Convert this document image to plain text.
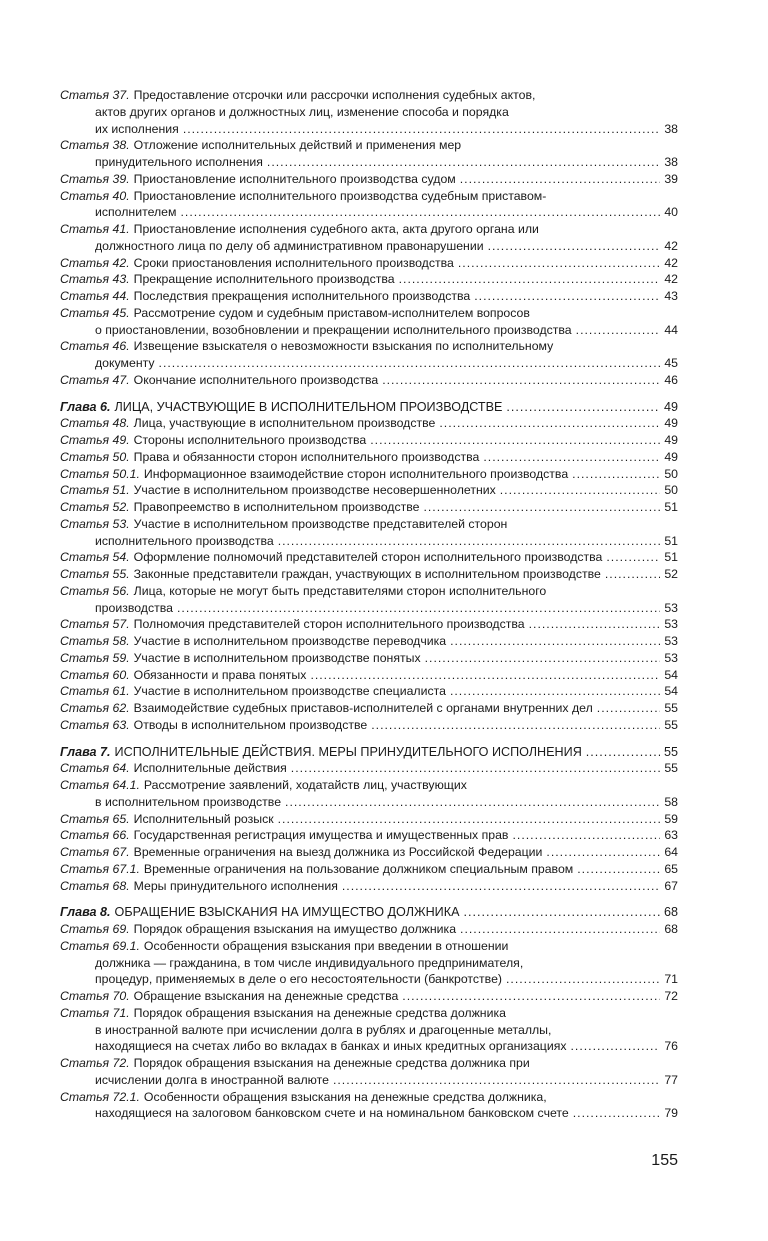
Статья 37. Предоставление отсрочки или рассрочки исполнения судебных актов,
актов других органов и должностных лиц, изменение способа и порядка
их исполнения .....	38
Статья 38. Отложение исполнительных действий и применения мер
принудительного исполнения .....	38
Статья 39. Приостановление исполнительного производства судом .....	39
Статья 40. Приостановление исполнительного производства судебным приставом-
исполнителем .....	40
Статья 41. Приостановление исполнения судебного акта, акта другого органа или
должностного лица по делу об административном правонарушении .....	42
Статья 42. Сроки приостановления исполнительного производства .....	42
Статья 43. Прекращение исполнительного производства .....	42
Статья 44. Последствия прекращения исполнительного производства .....	43
Статья 45. Рассмотрение судом и судебным приставом-исполнителем вопросов
о приостановлении, возобновлении и прекращении исполнительного производства .....	44
Статья 46. Извещение взыскателя о невозможности взыскания по исполнительному
документу .....	45
Статья 47. Окончание исполнительного производства .....	46
Глава 6. ЛИЦА, УЧАСТВУЮЩИЕ В ИСПОЛНИТЕЛЬНОМ ПРОИЗВОДСТВЕ .....	49
Статья 48. Лица, участвующие в исполнительном производстве .....	49
Статья 49. Стороны исполнительного производства .....	49
Статья 50. Права и обязанности сторон исполнительного производства .....	49
Статья 50.1. Информационное взаимодействие сторон исполнительного производства .....	50
Статья 51. Участие в исполнительном производстве несовершеннолетних .....	50
Статья 52. Правопреемство в исполнительном производстве .....	51
Статья 53. Участие в исполнительном производстве представителей сторон
исполнительного производства .....	51
Статья 54. Оформление полномочий представителей сторон исполнительного производства .....	51
Статья 55. Законные представители граждан, участвующих в исполнительном производстве .....	52
Статья 56. Лица, которые не могут быть представителями сторон исполнительного
производства .....	53
Статья 57. Полномочия представителей сторон исполнительного производства .....	53
Статья 58. Участие в исполнительном производстве переводчика .....	53
Статья 59. Участие в исполнительном производстве понятых .....	53
Статья 60. Обязанности и права понятых .....	54
Статья 61. Участие в исполнительном производстве специалиста .....	54
Статья 62. Взаимодействие судебных приставов-исполнителей с органами внутренних дел .....	55
Статья 63. Отводы в исполнительном производстве .....	55
Глава 7. ИСПОЛНИТЕЛЬНЫЕ ДЕЙСТВИЯ. МЕРЫ ПРИНУДИТЕЛЬНОГО ИСПОЛНЕНИЯ .....	55
Статья 64. Исполнительные действия .....	55
Статья 64.1. Рассмотрение заявлений, ходатайств лиц, участвующих
в исполнительном производстве .....	58
Статья 65. Исполнительный розыск .....	59
Статья 66. Государственная регистрация имущества и имущественных прав .....	63
Статья 67. Временные ограничения на выезд должника из Российской Федерации .....	64
Статья 67.1. Временные ограничения на пользование должником специальным правом .....	65
Статья 68. Меры принудительного исполнения .....	67
Глава 8. ОБРАЩЕНИЕ ВЗЫСКАНИЯ НА ИМУЩЕСТВО ДОЛЖНИКА .....	68
Статья 69. Порядок обращения взыскания на имущество должника .....	68
Статья 69.1. Особенности обращения взыскания при введении в отношении
должника — гражданина, в том числе индивидуального предпринимателя,
процедур, применяемых в деле о его несостоятельности (банкротстве) .....	71
Статья 70. Обращение взыскания на денежные средства .....	72
Статья 71. Порядок обращения взыскания на денежные средства должника
в иностранной валюте при исчислении долга в рублях и драгоценные металлы,
находящиеся на счетах либо во вкладах в банках и иных кредитных организациях .....	76
Статья 72. Порядок обращения взыскания на денежные средства должника при
исчислении долга в иностранной валюте .....	77
Статья 72.1. Особенности обращения взыскания на денежные средства должника,
находящиеся на залоговом банковском счете и на номинальном банковском счете .....	79
155
